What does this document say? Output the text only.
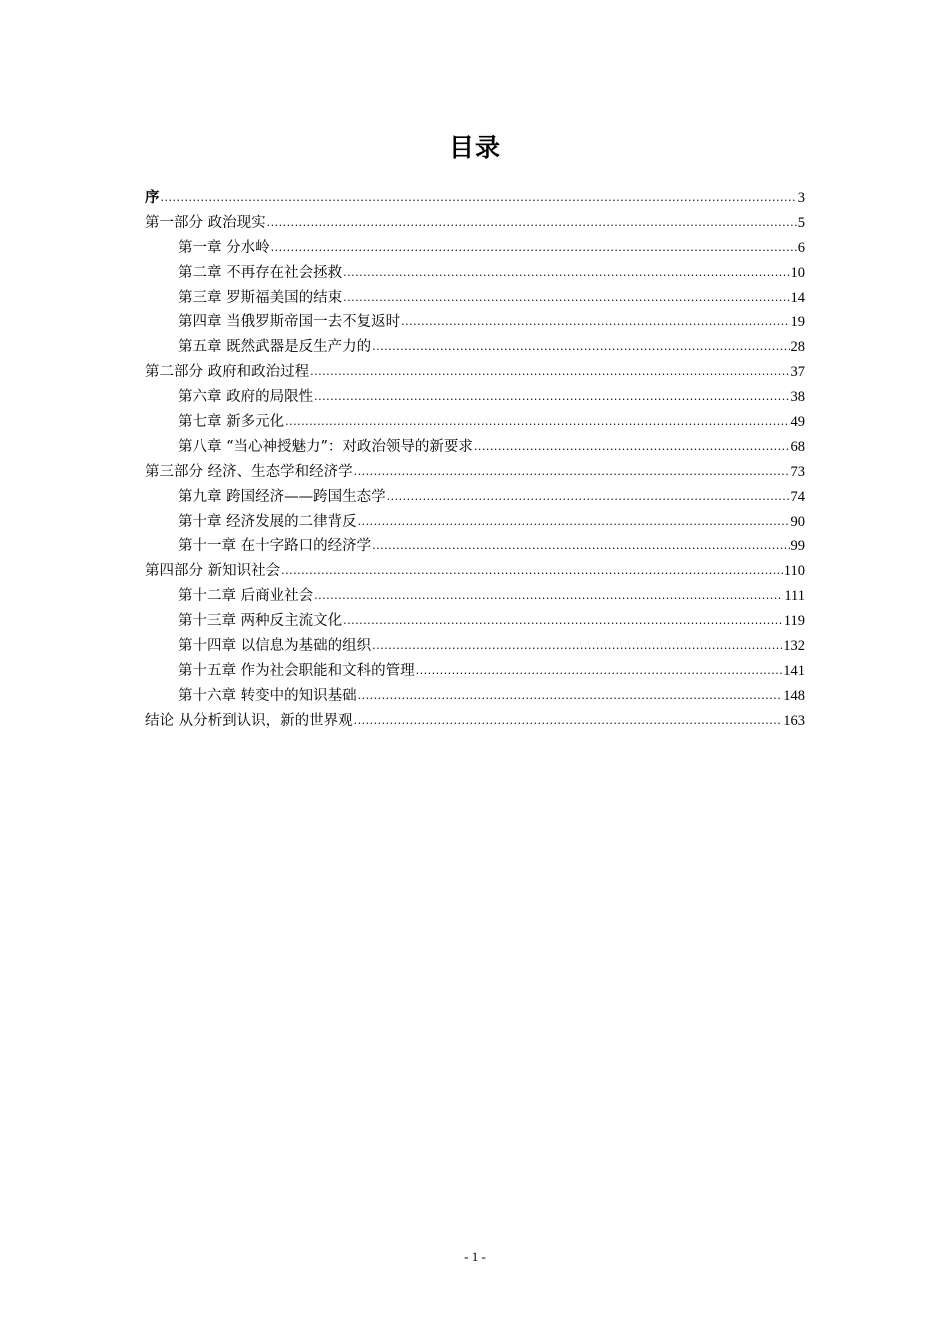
目录
序 .....	3
第一部分 政治现实 .....	5
第一章 分水岭 .....	6
第二章 不再存在社会拯救 .....	10
第三章 罗斯福美国的结束 .....	14
第四章 当俄罗斯帝国一去不复返时 .....	19
第五章 既然武器是反生产力的 .....	28
第二部分 政府和政治过程 .....	37
第六章 政府的局限性 .....	38
第七章 新多元化 .....	49
第八章 “当心神授魅力”：对政治领导的新要求 .....	68
第三部分 经济、生态学和经济学 .....	73
第九章 跨国经济——跨国生态学 .....	74
第十章 经济发展的二律背反 .....	90
第十一章 在十字路口的经济学 .....	99
第四部分 新知识社会 .....	110
第十二章 后商业社会 .....	111
第十三章 两种反主流文化 .....	119
第十四章 以信息为基础的组织 .....	132
第十五章 作为社会职能和文科的管理 .....	141
第十六章 转变中的知识基础 .....	148
结论 从分析到认识，新的世界观 .....	163
- 1 -
